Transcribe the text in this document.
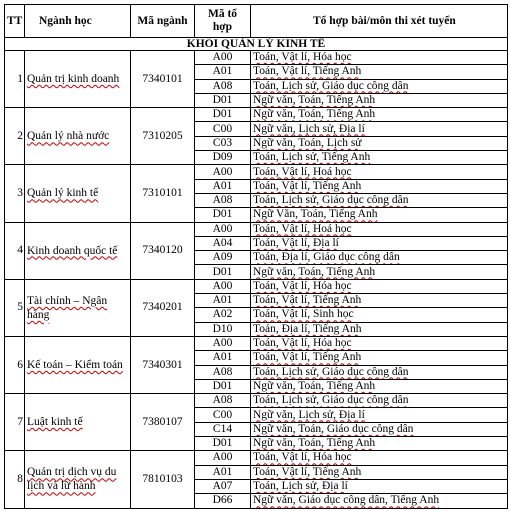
TT	Ngành học	Mã ngành	Mã tổ hợp	Tổ hợp bài/môn thi xét tuyển
KHỐI QUẢN LÝ KINH TẾ				
1	Quản trị kinh doanh	7340101	A00	Toán, Vật lí, Hóa học
			A01	Toán, Vật lí, Tiếng Anh
			A08	Toán, Lịch sử, Giáo dục công dân
			D01	Ngữ văn, Toán, Tiếng Anh
2	Quản lý nhà nước	7310205	D01	Ngữ văn, Toán, Tiếng Anh
			C00	Ngữ văn, Lịch sử, Địa lí
			C03	Ngữ văn, Toán, Lịch sử
			D09	Toán, Lịch sử, Tiếng Anh
3	Quản lý kinh tế	7310101	A00	Toán, Vật lí, Hoá học
			A01	Toán, Vật lí, Tiếng Anh
			A08	Toán, Lịch sử, Giáo dục công dân
			D01	Ngữ Văn, Toán, Tiếng Anh
4	Kinh doanh quốc tế	7340120	A00	Toán, Vật lí, Hoá học
			A04	Toán, Vật lí, Địa lí
			A09	Toán, Địa lí, Giáo dục công dân
			D01	Ngữ văn, Toán, Tiếng Anh
5	Tài chính – Ngân hàng	7340201	A00	Toán, Vật lí, Hóa học
			A01	Toán, Vật lí, Tiếng Anh
			A02	Toán, Vật lí, Sinh học
			D10	Toán, Địa lí, Tiếng Anh
6	Kế toán – Kiểm toán	7340301	A00	Toán, Vật lí, Hóa học
			A01	Toán, Vật lí, Tiếng Anh
			A08	Toán, Lịch sử, Giáo dục công dân
			D01	Ngữ văn, Toán, Tiếng Anh
7	Luật kinh tế	7380107	A08	Toán, Lịch sử, Giáo dục công dân
			C00	Ngữ văn, Lịch sử, Địa lí
			C14	Ngữ văn, Toán, Giáo dục công dân
			D01	Ngữ văn, Toán, Tiếng Anh
8	Quản trị dịch vụ du lịch và lữ hành	7810103	A00	Toán, Vật lí, Hóa học
			A01	Toán, Vật lí, Tiếng Anh
			A07	Toán, Lịch sử, Địa lí
			D66	Ngữ văn, Giáo dục công dân, Tiếng Anh
